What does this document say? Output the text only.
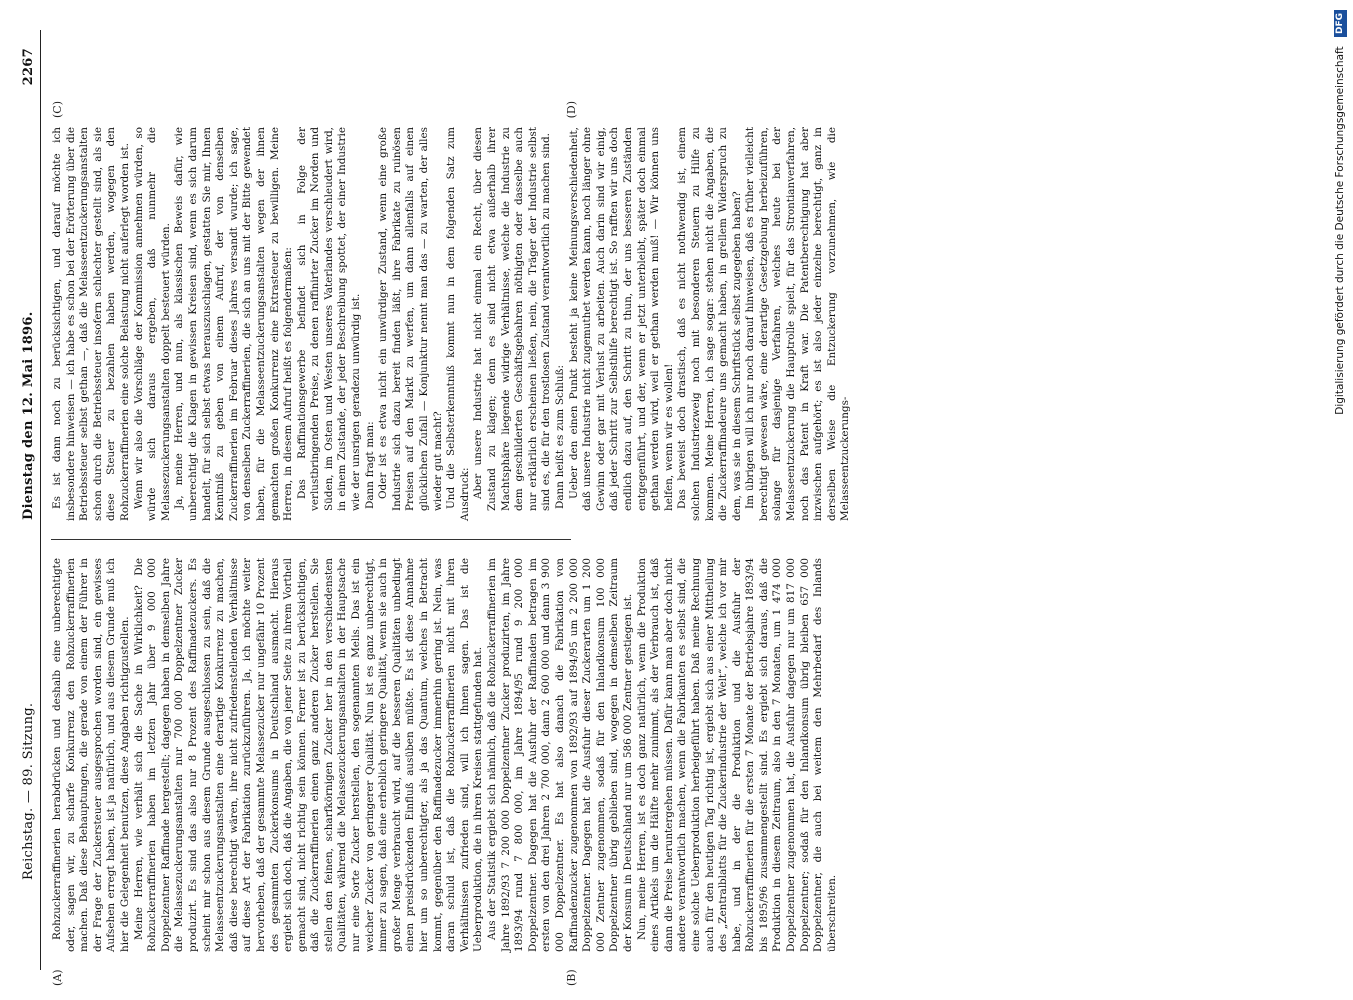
Reichstag. — 89. Sitzung.
Dienstag den 12. Mai 1896.
2267
(A)	(B)

Rohzuckerraffinerien herabdrücken und deshalb eine unberechtigte oder, sagen wir, zu scharfe Konkurrenz den Rohzuckerraffinerien machen. Daß diese Behauptungen, die gerade von einem der Führer in der Frage der Zuckersteuer ausgesprochen worden sind, ein gewisses Aufsehen erregt haben, ist ja natürlich, und aus diesem Grunde muß ich hier die Gelegenheit benutzen, diese Angaben richtigzustellen. Meine Herren, wie verhält sich die Sache in Wirklichkeit? Die Rohzuckerraffinerien haben im letzten Jahr über 9 000 000 Doppelzentner Raffinade hergestellt; dagegen haben in demselben Jahre die Melassezuckerungsanstalten nur 700 000 Doppelzentner Zucker produzirt. Es sind das also nur 8 Prozent des Raffinadezuckers. Es scheint mir schon aus diesem Grunde ausgeschlossen zu sein, daß die Melasseentzuckerungsanstalten eine derartige Konkurrenz zu machen, daß diese berechtigt wären, ihre nicht zufriedenstellenden Verhältnisse auf diese Art der Fabrikation zurückzuführen. Ja, ich möchte weiter hervorheben, daß der gesammte Melassezucker nur ungefähr 10 Prozent des gesammten Zuckerkonsums in Deutschland ausmacht. Hieraus ergiebt sich doch, daß die Angaben, die von jener Seite zu ihrem Vortheil gemacht sind, nicht richtig sein können. Ferner ist zu berücksichtigen, daß die Zuckerraffinerien einen ganz anderen Zucker herstellen. Sie stellen den feinen, scharfkörnigen Zucker her in den verschiedensten Qualitäten, während die Melassezuckerungsanstalten in der Hauptsache nur eine Sorte Zucker herstellen, den sogenannten Melis. Das ist ein weicher Zucker von geringerer Qualität. Nun ist es ganz unberechtigt, immer zu sagen, daß eine erheblich geringere Qualität, wenn sie auch in großer Menge verbraucht wird, auf die besseren Qualitäten unbedingt einen preisdrückenden Einfluß ausüben müßte. Es ist diese Annahme hier um so unberechtigter, als ja das Quantum, welches in Betracht kommt, gegenüber den Raffinadezucker immerhin gering ist. Nein, was daran schuld ist, daß die Rohzuckerraffinerien nicht mit ihren Verhältnissen zufrieden sind, will ich Ihnen sagen. Das ist die Ueberproduktion, die in ihren Kreisen stattgefunden hat. Aus der Statistik ergiebt sich nämlich, daß die Rohzuckerraffinerien im Jahre 1892/93 7 200 000 Doppelzentner Zucker produzirten, im Jahre 1893/94 rund 7 800 000, im Jahre 1894/95 rund 9 200 000 Doppelzentner. Dagegen hat die Ausfuhr der Raffinaden betragen im ersten von den drei Jahren 2 700 000, dann 2 600 000 und dann 3 900 000 Doppelzentner. Es hat also danach die Fabrikation von Raffinadenzucker zugenommen von 1892/93 auf 1894/95 um 2 200 000 Doppelzentner. Dagegen hat die Ausfuhr dieser Zuckerarten um 1 200 000 Zentner zugenommen, sodaß für den Inlandkonsum 100 000 Doppelzentner übrig geblieben sind, wogegen in demselben Zeitraum der Konsum in Deutschland nur um 586 000 Zentner gestiegen ist. Nun, meine Herren, ist es doch ganz natürlich, wenn die Produktion eines Artikels um die Hälfte mehr zunimmt, als der Verbrauch ist, daß dann die Preise heruntergehen müssen. Dafür kann man aber doch nicht andere verantwortlich machen, wenn die Fabrikanten es selbst sind, die eine solche Ueberproduktion herbeigeführt haben. Daß meine Rechnung auch für den heutigen Tag richtig ist, ergiebt sich aus einer Mittheilung des „Zentralblatts für die Zuckerindustrie der Welt“, welche ich vor mir habe, und in der die Produktion und die Ausfuhr der Rohzuckerraffinerien für die ersten 7 Monate der Betriebsjahre 1893/94 bis 1895/96 zusammengestellt sind. Es ergiebt sich daraus, daß die Produktion in diesem Zeitraum, also in den 7 Monaten, um 1 474 000 Doppelzentner zugenommen hat, die Ausfuhr dagegen nur um 817 000 Doppelzentner; sodaß für den Inlandkonsum übrig bleiben 657 000 Doppelzentner, die auch bei weitem den Mehrbedarf des Inlands überschreiten.

(C)	(D)

Es ist dann noch zu berücksichtigen, und darauf möchte ich insbesondere hinweisen — ich habe es schon bei der Erörterung über die Betriebssteuer selbst gethan —, daß die Melasseentzuckerungsanstalten schon durch die Betriebssteuer insofern schlechter gestellt sind, als sie diese Steuer zu bezahlen haben werden, wogegen den Rohzuckerraffinerien eine solche Belastung nicht auferlegt worden ist. Wenn wir also die Vorschläge der Kommission annehmen würden, so würde sich daraus ergeben, daß nunmehr die Melassezuckerungsanstalten doppelt besteuert würden. Ja, meine Herren, und nun, als klassischen Beweis dafür, wie unberechtigt die Klagen in gewissen Kreisen sind, wenn es sich darum handelt, für sich selbst etwas herauszuschlagen, gestatten Sie mir, Ihnen Kenntniß zu geben von einem Aufruf, der von denselben Zuckerraffinerien im Februar dieses Jahres versandt wurde; ich sage, von denselben Zuckerraffinerien, die sich an uns mit der Bitte gewendet haben, für die Melasseentzuckerungsanstalten wegen der ihnen gemachten großen Konkurrenz eine Extrasteuer zu bewilligen. Meine Herren, in diesem Aufruf heißt es folgendermaßen: Das Raffinationsgewerbe befindet sich in Folge der verlustbringenden Preise, zu denen raffinirter Zucker im Norden und Süden, im Osten und Westen unseres Vaterlandes verschleudert wird, in einem Zustande, der jeder Beschreibung spottet, der einer Industrie wie der unsrigen geradezu unwürdig ist. Dann fragt man: Oder ist es etwa nicht ein unwürdiger Zustand, wenn eine große Industrie sich dazu bereit finden läßt, ihre Fabrikate zu ruinösen Preisen auf den Markt zu werfen, um dann allenfalls auf einen glücklichen Zufall — Konjunktur nennt man das — zu warten, der alles wieder gut macht? Und die Selbsterkenntniß kommt nun in dem folgenden Satz zum Ausdruck: Aber unsere Industrie hat nicht einmal ein Recht, über diesen Zustand zu klagen; denn es sind nicht etwa außerhalb ihrer Machtsphäre liegende widrige Verhältnisse, welche die Industrie zu dem geschilderten Geschäftsgebahren nöthigten oder dasselbe auch nur erklärlich erscheinen ließen, nein, die Träger der Industrie selbst sind es, die für den trostlosen Zustand verantwortlich zu machen sind. Dann heißt es zum Schluß: Ueber den einen Punkt besteht ja keine Meinungsverschiedenheit, daß unsere Industrie nicht zugemuthet werden kann, noch länger ohne Gewinn oder gar mit Verlust zu arbeiten. Auch darin sind wir einig, daß jeder Schritt zur Selbsthilfe berechtigt ist. So rafften wir uns doch endlich dazu auf, den Schritt zu thun, der uns besseren Zuständen entgegenführt, und der, wenn er jetzt unterbleibt, später doch einmal gethan werden wird, weil er gethan werden muß! — Wir können uns helfen, wenn wir es wollen! Das beweist doch drastisch, daß es nicht nothwendig ist, einem solchen Industriezweig noch mit besonderen Steuern zu Hilfe zu kommen. Meine Herren, ich sage sogar: stehen nicht die Angaben, die die Zuckerraffinadeure uns gemacht haben, in grellem Widerspruch zu dem, was sie in diesem Schriftstück selbst zugegeben haben? Im übrigen will ich nur noch darauf hinweisen, daß es früher vielleicht berechtigt gewesen wäre, eine derartige Gesetzgebung herbeizuführen, solange für dasjenige Verfahren, welches heute bei der Melasseentzuckerung die Hauptrolle spielt, für das Strontianverfahren, noch das Patent in Kraft war. Die Patentberechtigung hat aber inzwischen aufgehört; es ist also jeder einzelne berechtigt, ganz in derselben Weise die Entzuckerung vorzunehmen, wie die Melasseentzuckerungs-

Digitalisierung gefördert durch die Deutsche Forschungsgemeinschaft DFG
